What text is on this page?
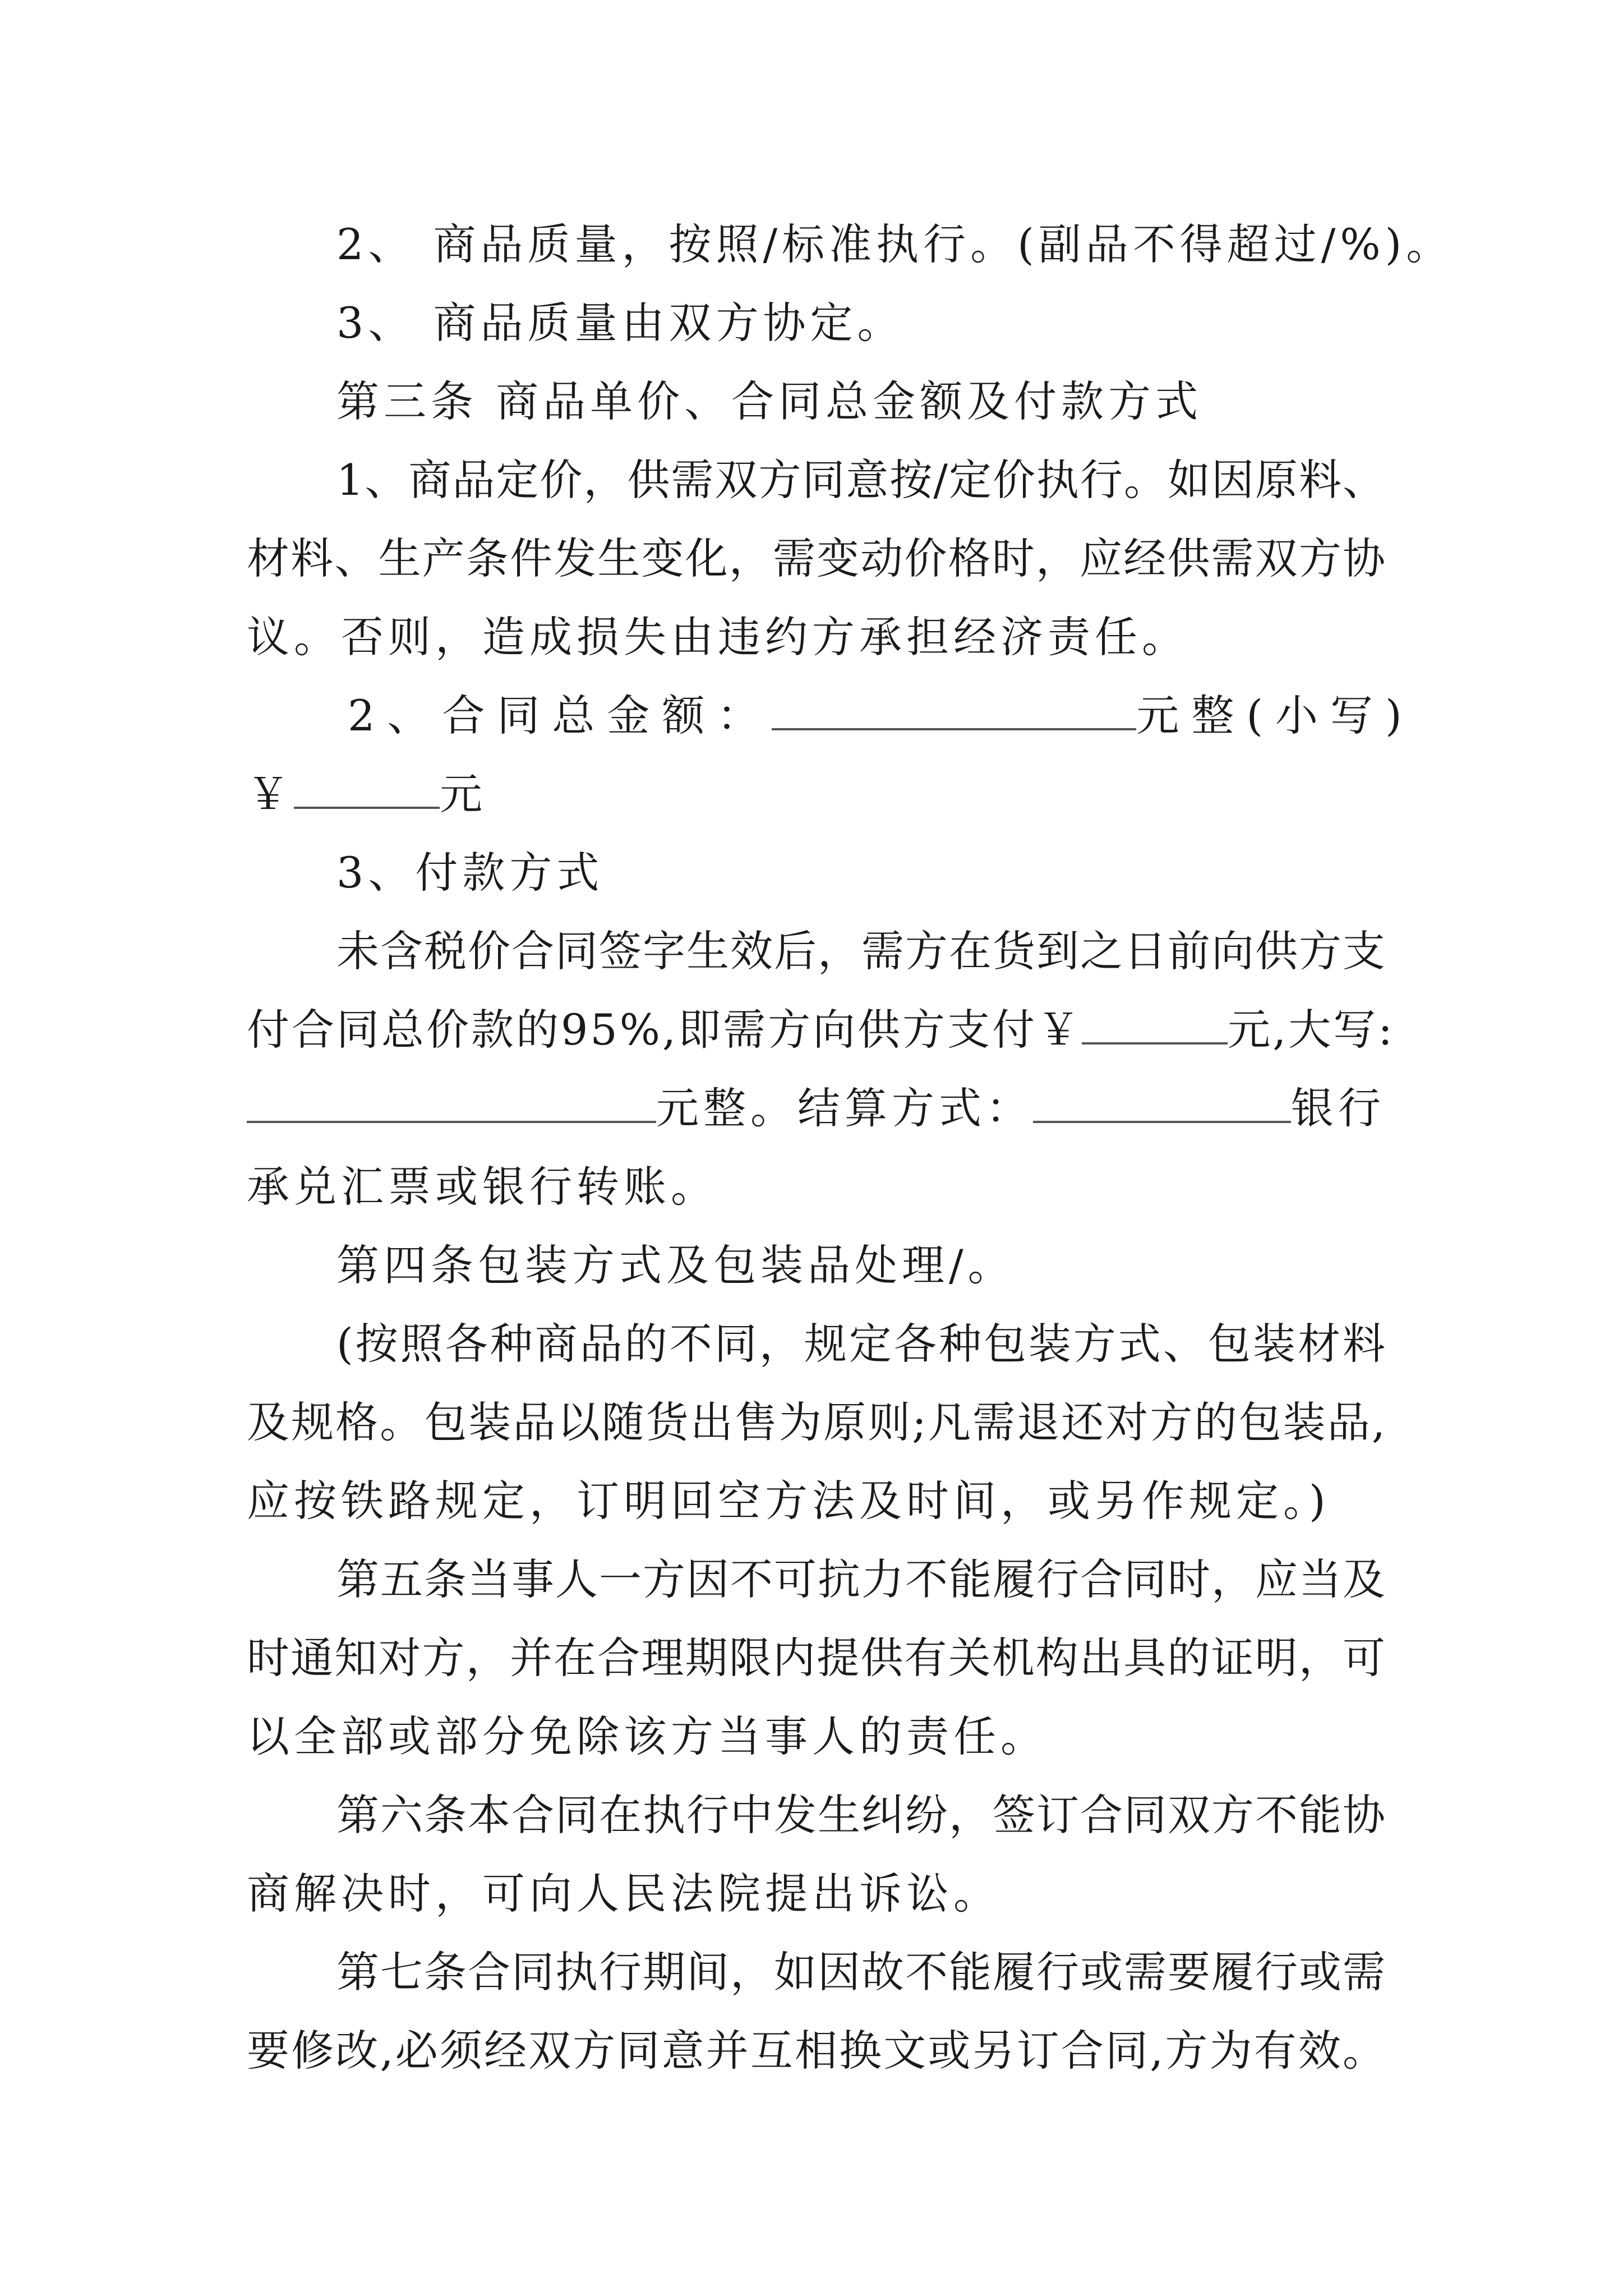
2、 商品质量，按照/标准执行。(副品不得超过/%)。
3、 商品质量由双方协定。
第三条 商品单价、合同总金额及付款方式
1、商品定价，供需双方同意按/定价执行。如因原料、
材料、生产条件发生变化，需变动价格时，应经供需双方协
议。否则，造成损失由违约方承担经济责任。
2、合同总金额：	元整(小写)
￥	元
3、付款方式
未含税价合同签字生效后，需方在货到之日前向供方支
付合同总价款的95%,即需方向供方支付￥	元,大写:
元整。结算方式：	银行
承兑汇票或银行转账。
第四条包装方式及包装品处理/。
(按照各种商品的不同，规定各种包装方式、包装材料
及规格。包装品以随货出售为原则;凡需退还对方的包装品,
应按铁路规定，订明回空方法及时间，或另作规定。)
第五条当事人一方因不可抗力不能履行合同时，应当及
时通知对方，并在合理期限内提供有关机构出具的证明，可
以全部或部分免除该方当事人的责任。
第六条本合同在执行中发生纠纷，签订合同双方不能协
商解决时，可向人民法院提出诉讼。
第七条合同执行期间，如因故不能履行或需要履行或需
要修改,必须经双方同意并互相换文或另订合同,方为有效。
